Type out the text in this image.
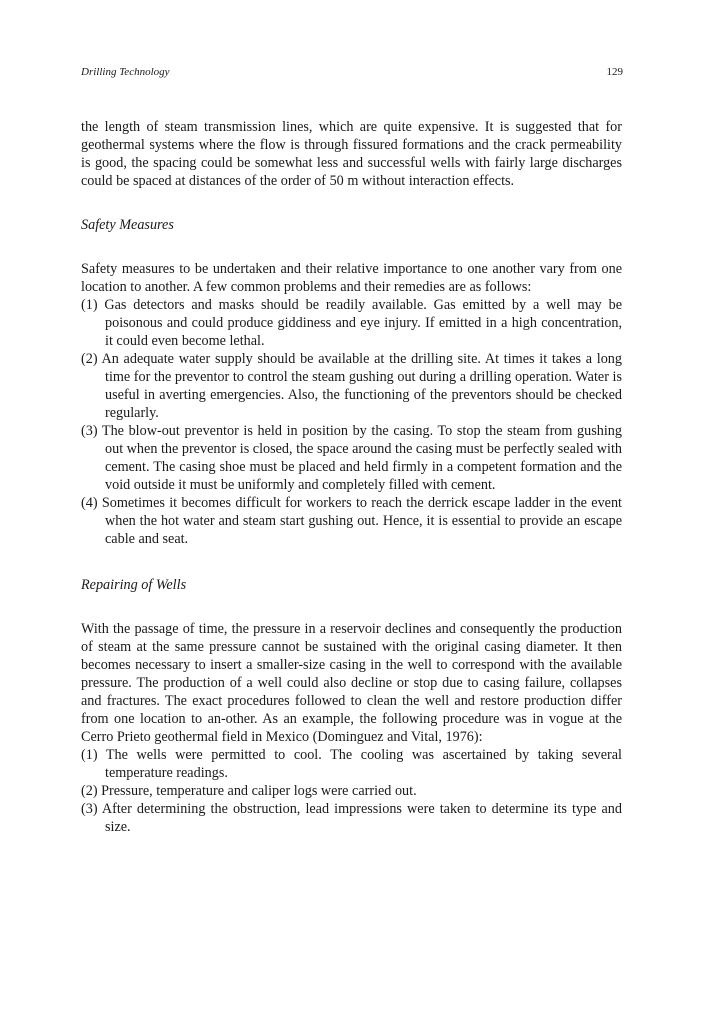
Drilling Technology	129

the length of steam transmission lines, which are quite expensive. It is suggested that for geothermal systems where the flow is through fissured formations and the crack permeability is good, the spacing could be somewhat less and successful wells with fairly large discharges could be spaced at distances of the order of 50 m without interaction effects.

Safety Measures

Safety measures to be undertaken and their relative importance to one another vary from one location to another. A few common problems and their remedies are as follows:

(1) Gas detectors and masks should be readily available. Gas emitted by a well may be poisonous and could produce giddiness and eye injury. If emitted in a high concentration, it could even become lethal.
(2) An adequate water supply should be available at the drilling site. At times it takes a long time for the preventor to control the steam gushing out during a drilling operation. Water is useful in averting emergencies. Also, the functioning of the preventors should be checked regularly.
(3) The blow-out preventor is held in position by the casing. To stop the steam from gushing out when the preventor is closed, the space around the casing must be perfectly sealed with cement. The casing shoe must be placed and held firmly in a competent formation and the void outside it must be uniformly and completely filled with cement.
(4) Sometimes it becomes difficult for workers to reach the derrick escape ladder in the event when the hot water and steam start gushing out. Hence, it is essential to provide an escape cable and seat.

Repairing of Wells

With the passage of time, the pressure in a reservoir declines and consequently the production of steam at the same pressure cannot be sustained with the original casing diameter. It then becomes necessary to insert a smaller-size casing in the well to correspond with the available pressure. The production of a well could also decline or stop due to casing failure, collapses and fractures. The exact procedures followed to clean the well and restore production differ from one location to an-other. As an example, the following procedure was in vogue at the Cerro Prieto geothermal field in Mexico (Dominguez and Vital, 1976):

(1) The wells were permitted to cool. The cooling was ascertained by taking several temperature readings.
(2) Pressure, temperature and caliper logs were carried out.
(3) After determining the obstruction, lead impressions were taken to determine its type and size.
